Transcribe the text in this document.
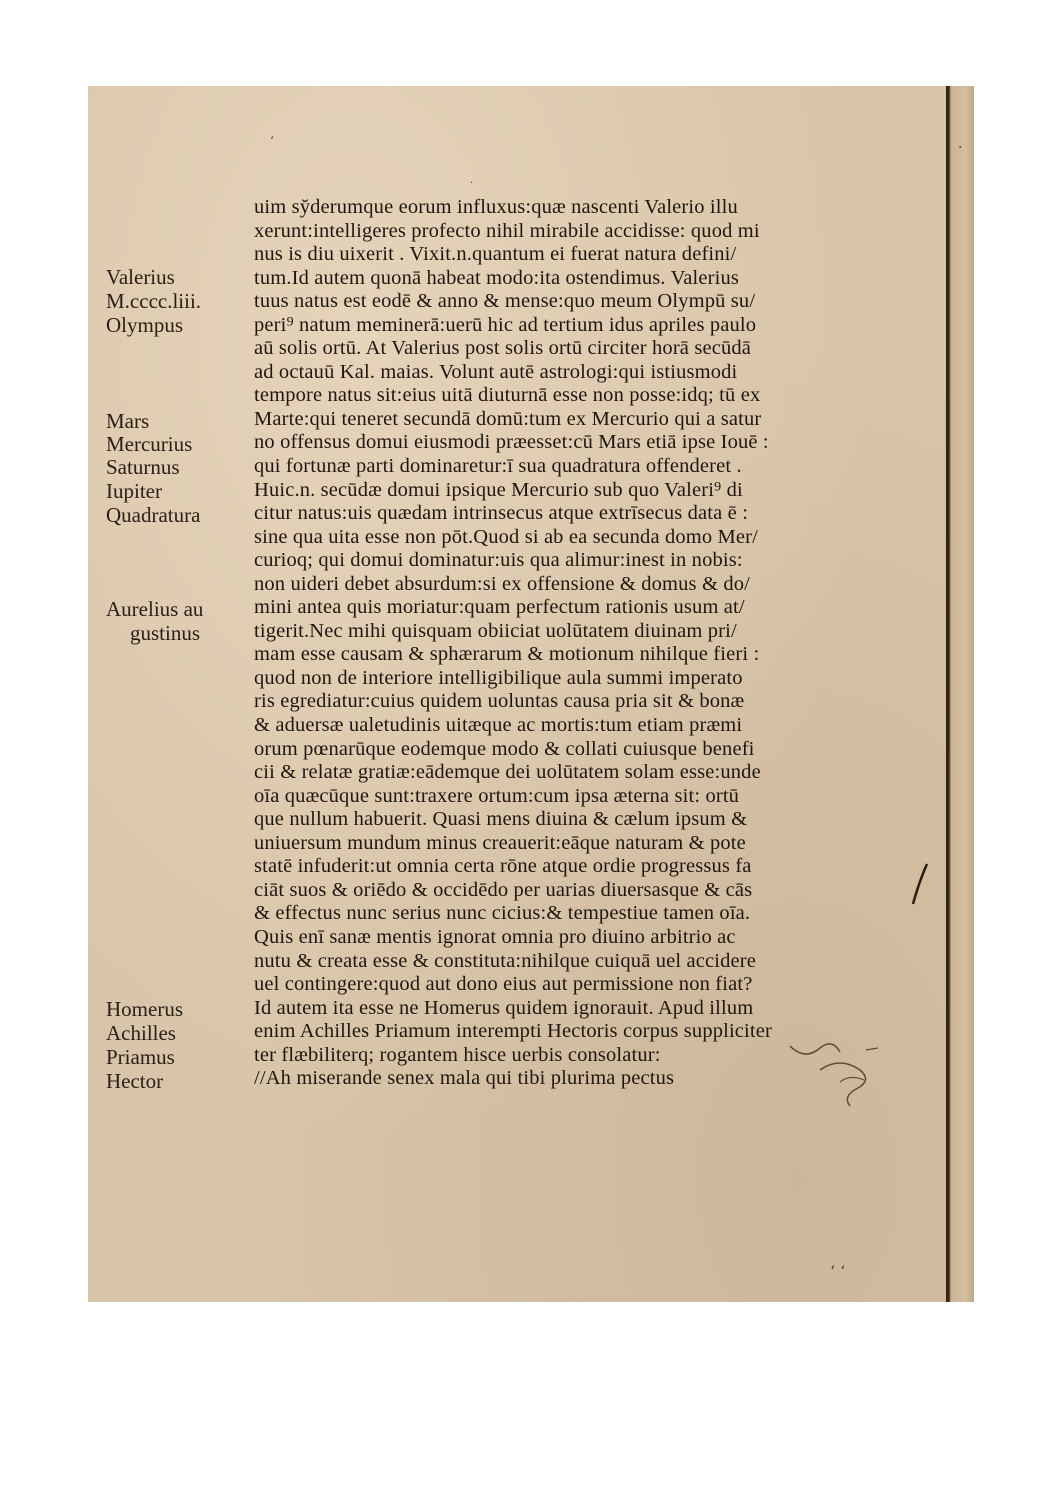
‘
·
·
‘ ‘
Valerius
M.cccc.liii.
Olympus
Mars
Mercurius
Saturnus
Iupiter
Quadratura
Aurelius au
gustinus
Homerus
Achilles
Priamus
Hector
uim sy̆derumque eorum influxus:quæ nascenti Valerio illu
xerunt:intelligeres profecto nihil mirabile accidisse: quod mi
nus is diu uixerit . Vixit.n.quantum ei fuerat natura defini/
tum.Id autem quonā habeat modo:ita ostendimus. Valerius
tuus natus est eodē & anno & mense:quo meum Olympū su/
peri⁹ natum meminerā:uerū hic ad tertium idus apriles paulo
aū solis ortū. At Valerius post solis ortū circiter horā secūdā
ad octauū Kal. maias. Volunt autē astrologi:qui istiusmodi
tempore natus sit:eius uitā diuturnā esse non posse:idq; tū ex
Marte:qui teneret secundā domū:tum ex Mercurio qui a satur
no offensus domui eiusmodi præesset:cū Mars etiā ipse Iouē :
qui fortunæ parti dominaretur:ī sua quadratura offenderet .
Huic.n. secūdæ domui ipsique Mercurio sub quo Valeri⁹ di
citur natus:uis quædam intrinsecus atque extrīsecus data ē :
sine qua uita esse non pōt.Quod si ab ea secunda domo Mer/
curioq; qui domui dominatur:uis qua alimur:inest in nobis:
non uideri debet absurdum:si ex offensione & domus & do/
mini antea quis moriatur:quam perfectum rationis usum at/
tigerit.Nec mihi quisquam obiiciat uolūtatem diuinam pri/
mam esse causam & sphærarum & motionum nihilque fieri :
quod non de interiore intelligibilique aula summi imperato
ris egrediatur:cuius quidem uoluntas causa pria sit & bonæ
& aduersæ ualetudinis uitæque ac mortis:tum etiam præmi
orum pœnarūque eodemque modo & collati cuiusque benefi
cii & relatæ gratiæ:eādemque dei uolūtatem solam esse:unde
oīa quæcūque sunt:traxere ortum:cum ipsa æterna sit: ortū
que nullum habuerit. Quasi mens diuina & cælum ipsum &
uniuersum mundum minus creauerit:eāque naturam & pote
statē infuderit:ut omnia certa rōne atque ordie progressus fa
ciāt suos & oriēdo & occidēdo per uarias diuersasque & cās
& effectus nunc serius nunc cicius:& tempestiue tamen oīa.
Quis enī sanæ mentis ignorat omnia pro diuino arbitrio ac
nutu & creata esse & constituta:nihilque cuiquā uel accidere
uel contingere:quod aut dono eius aut permissione non fiat?
Id autem ita esse ne Homerus quidem ignorauit. Apud illum
enim Achilles Priamum interempti Hectoris corpus suppliciter
ter flæbiliterq; rogantem hisce uerbis consolatur:
//Ah miserande senex mala qui tibi plurima pectus
